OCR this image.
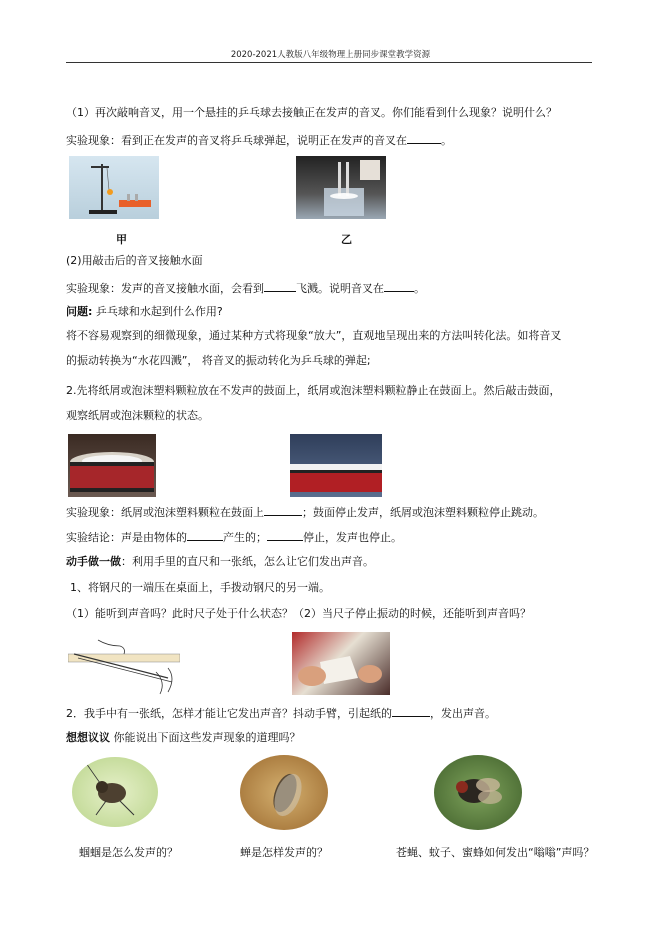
2020-2021人教版八年级物理上册同步课堂教学资源
（1）再次敲响音叉，用一个悬挂的乒乓球去接触正在发声的音叉。你们能看到什么现象？说明什么？
实验现象：看到正在发声的音叉将乒乓球弹起，说明正在发声的音叉在	。
甲	乙
(2)用敲击后的音叉接触水面
实验现象：发声的音叉接触水面，会看到	飞溅。说明音叉在	。
问题: 乒乓球和水起到什么作用?
将不容易观察到的细微现象，通过某种方式将现象“放大”，直观地呈现出来的方法叫转化法。如将音叉
的振动转换为“水花四溅”， 将音叉的振动转化为乒乓球的弹起;
2.先将纸屑或泡沫塑料颗粒放在不发声的鼓面上，纸屑或泡沫塑料颗粒静止在鼓面上。然后敲击鼓面，
观察纸屑或泡沫颗粒的状态。
实验现象：纸屑或泡沫塑料颗粒在鼓面上	；鼓面停止发声，纸屑或泡沫塑料颗粒停止跳动。
实验结论：声是由物体的	产生的；	停止，发声也停止。
动手做一做：利用手里的直尺和一张纸，怎么让它们发出声音。
1、将钢尺的一端压在桌面上，手拨动钢尺的另一端。
（1）能听到声音吗？此时尺子处于什么状态？（2）当尺子停止振动的时候，还能听到声音吗？
2．我手中有一张纸，怎样才能让它发出声音？抖动手臂，引起纸的	，发出声音。
想想议议 你能说出下面这些发声现象的道理吗？
蝈蝈是怎么发声的？	蝉是怎样发声的？	苍蝇、蚊子、蜜蜂如何发出“嗡嗡”声吗？
